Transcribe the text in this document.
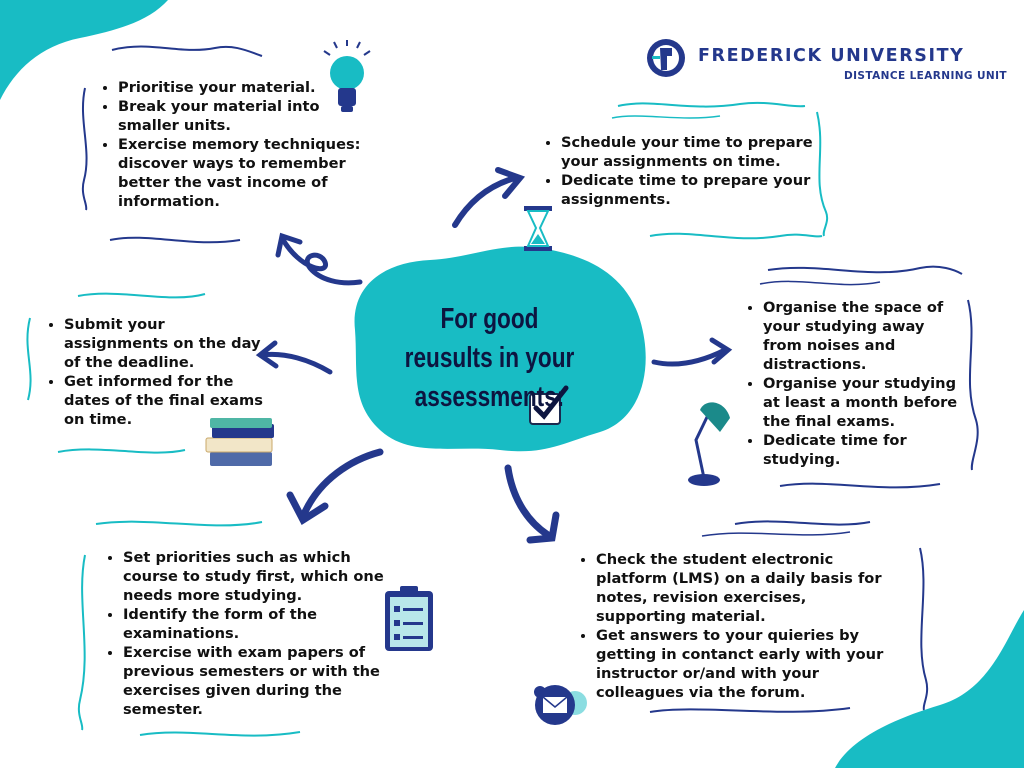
FREDERICK UNIVERSITY
DISTANCE LEARNING UNIT
For good reusults in your assessments:
• Prioritise your material.
• Break your material into smaller units.
• Exercise memory techniques: discover ways to remember better the vast income of information.
• Schedule your time to prepare your assignments on time.
• Dedicate time to prepare your assignments.
• Submit your assignments on the day of the deadline.
• Get informed for the dates of the final exams on time.
• Organise the space of your studying away from noises and distractions.
• Organise your studying at least a month before the final exams.
• Dedicate time for studying.
• Set priorities such as which course to study first, which one needs more studying.
• Identify the form of the examinations.
• Exercise with exam papers of previous semesters or with the exercises given during the semester.
• Check the student electronic platform (LMS) on a daily basis for notes, revision exercises, supporting material.
• Get answers to your quieries by getting in contanct early with your instructor or/and with your colleagues via the forum.
